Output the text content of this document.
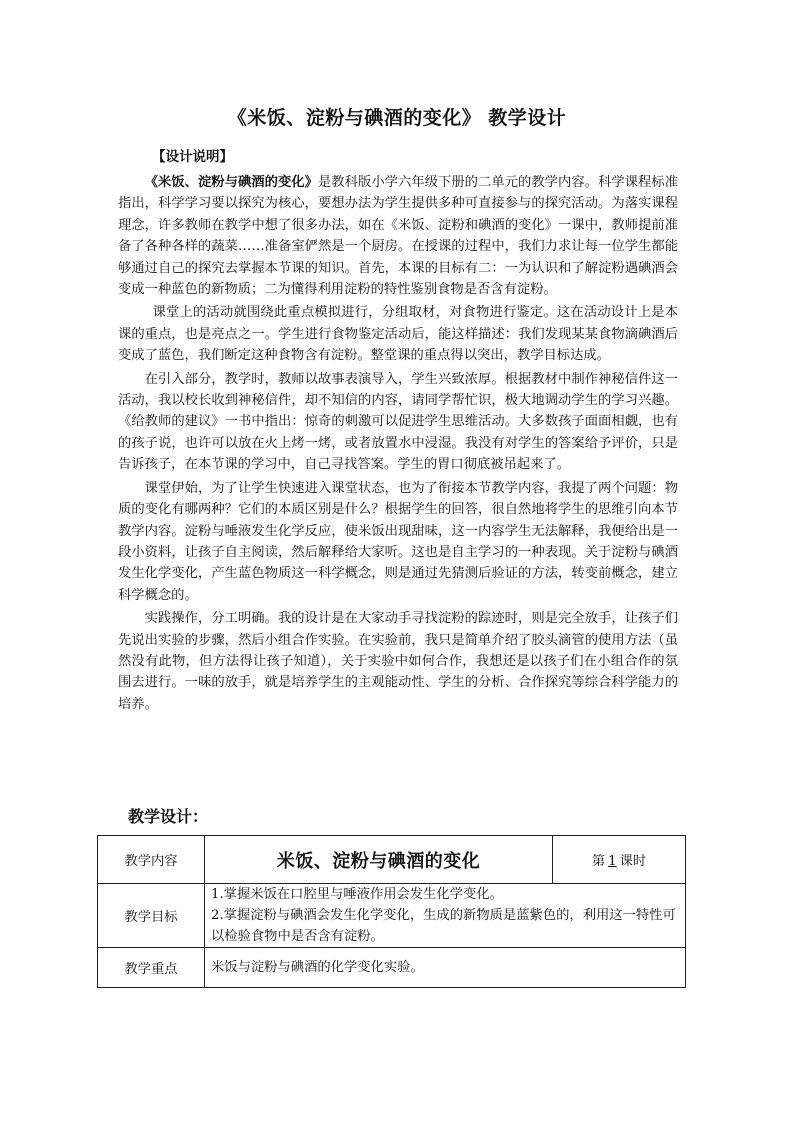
《米饭、淀粉与碘酒的变化》 教学设计
【设计说明】

《米饭、淀粉与碘酒的变化》是教科版小学六年级下册的二单元的教学内容。科学课程标准指出，科学学习要以探究为核心，要想办法为学生提供多种可直接参与的探究活动。为落实课程理念，许多教师在教学中想了很多办法，如在《米饭、淀粉和碘酒的变化》一课中，教师提前准备了各种各样的蔬菜……准备室俨然是一个厨房。在授课的过程中，我们力求让每一位学生都能够通过自己的探究去掌握本节课的知识。首先，本课的目标有二：一为认识和了解淀粉遇碘酒会变成一种蓝色的新物质；二为懂得利用淀粉的特性鉴别食物是否含有淀粉。

课堂上的活动就围绕此重点模拟进行，分组取材，对食物进行鉴定。这在活动设计上是本课的重点，也是亮点之一。学生进行食物鉴定活动后，能这样描述：我们发现某某食物滴碘酒后变成了蓝色，我们断定这种食物含有淀粉。整堂课的重点得以突出，教学目标达成。

在引入部分，教学时，教师以故事表演导入，学生兴致浓厚。根据教材中制作神秘信件这一活动，我以校长收到神秘信件，却不知信的内容，请同学帮忙识，极大地调动学生的学习兴趣。《给教师的建议》一书中指出：惊奇的刺激可以促进学生思维活动。大多数孩子面面相觑，也有的孩子说，也许可以放在火上烤一烤，或者放置水中浸湿。我没有对学生的答案给予评价，只是告诉孩子，在本节课的学习中，自己寻找答案。学生的胃口彻底被吊起来了。

课堂伊始，为了让学生快速进入课堂状态，也为了衔接本节教学内容，我提了两个问题：物质的变化有哪两种？它们的本质区别是什么？根据学生的回答，很自然地将学生的思维引向本节教学内容。淀粉与唾液发生化学反应，使米饭出现甜味，这一内容学生无法解释，我便给出是一段小资料，让孩子自主阅读，然后解释给大家听。这也是自主学习的一种表现。关于淀粉与碘酒发生化学变化，产生蓝色物质这一科学概念，则是通过先猜测后验证的方法，转变前概念，建立科学概念的。

实践操作，分工明确。我的设计是在大家动手寻找淀粉的踪迹时，则是完全放手，让孩子们先说出实验的步骤，然后小组合作实验。在实验前，我只是简单介绍了胶头滴管的使用方法（虽然没有此物，但方法得让孩子知道），关于实验中如何合作，我想还是以孩子们在小组合作的氛围去进行。一味的放手，就是培养学生的主观能动性、学生的分析、合作探究等综合科学能力的培养。

教学设计：
教学内容	米饭、淀粉与碘酒的变化	第 1 课时
教学目标	1.掌握米饭在口腔里与唾液作用会发生化学变化。
2.掌握淀粉与碘酒会发生化学变化，生成的新物质是蓝紫色的，利用这一特性可以检验食物中是否含有淀粉。	

教学重点	米饭与淀粉与碘酒的化学变化实验。	
